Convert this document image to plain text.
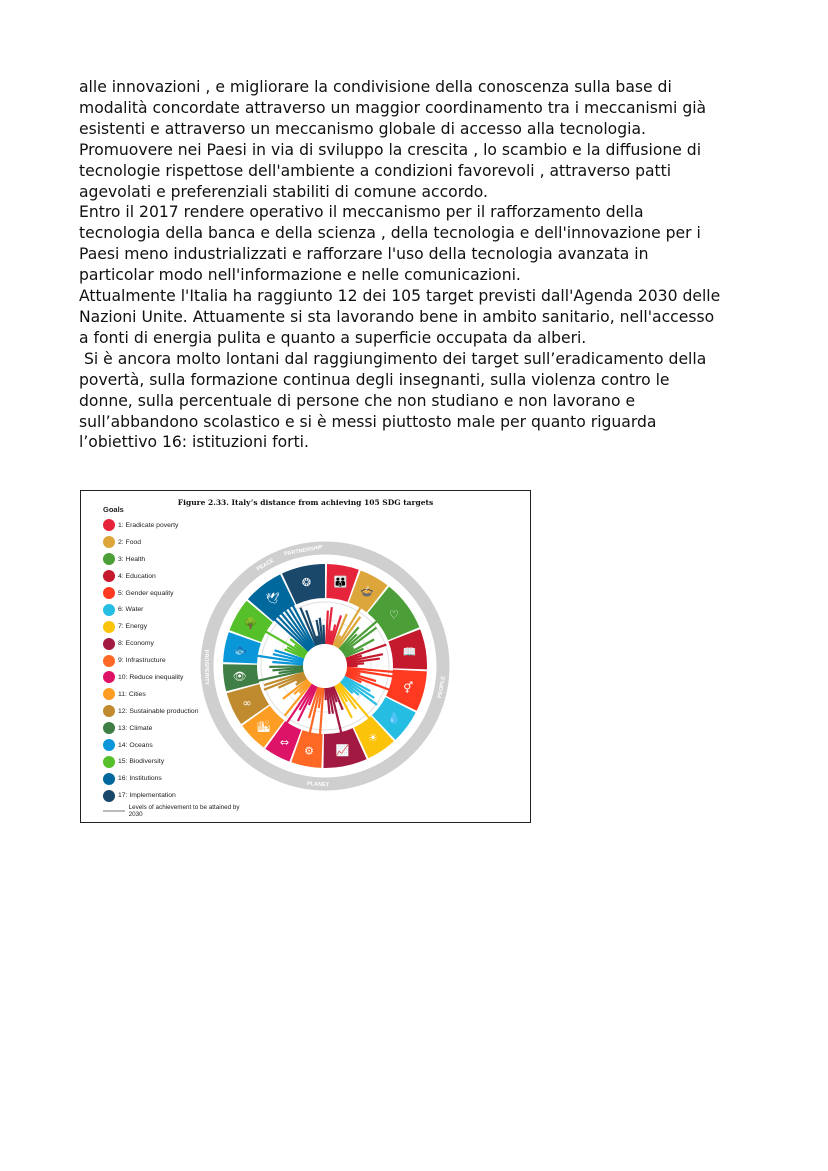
alle innovazioni , e migliorare la condivisione della conoscenza sulla base di

modalità concordate attraverso un maggior coordinamento tra i meccanismi già

esistenti e attraverso un meccanismo globale di accesso alla tecnologia.

Promuovere nei Paesi in via di sviluppo la crescita , lo scambio e la diffusione di

tecnologie rispettose dell'ambiente a condizioni favorevoli , attraverso patti

agevolati e preferenziali stabiliti di comune accordo.

Entro il 2017 rendere operativo il meccanismo per il rafforzamento della

tecnologia della banca e della scienza , della tecnologia e dell'innovazione per i

Paesi meno industrializzati e rafforzare l'uso della tecnologia avanzata in

particolar modo nell'informazione e nelle comunicazioni.

Attualmente l'Italia ha raggiunto 12 dei 105 target previsti dall'Agenda 2030 delle

Nazioni Unite. Attuamente si sta lavorando bene in ambito sanitario, nell'accesso

a fonti di energia pulita e quanto a superficie occupata da alberi.

Si è ancora molto lontani dal raggiungimento dei target sull’eradicamento della

povertà, sulla formazione continua degli insegnanti, sulla violenza contro le

donne, sulla percentuale di persone che non studiano e non lavorano e

sull’abbandono scolastico e si è messi piuttosto male per quanto riguarda

l’obiettivo 16: istituzioni forti.

Figure 2.33. Italy’s distance from achieving 105 SDG targets
Goals
1: Eradicate poverty
2: Food
3: Health
4: Education
5: Gender equality
6: Water
7: Energy
8: Economy
9: Infrastructure
10: Reduce inequality
11: Cities
12: Sustainable production
13: Climate
14: Oceans
15: Biodiversity
16: Institutions
17: Implementation
Levels of achievement to be attained by 2030
👪
🍲
♡
📖
⚥
💧
☀
📈
⚙
⇔
🏙
∞
👁
🐟
🌳
🕊
❂
PEOPLE
PLANET
PROSPERITY
PEACE
PARTNERSHIP
